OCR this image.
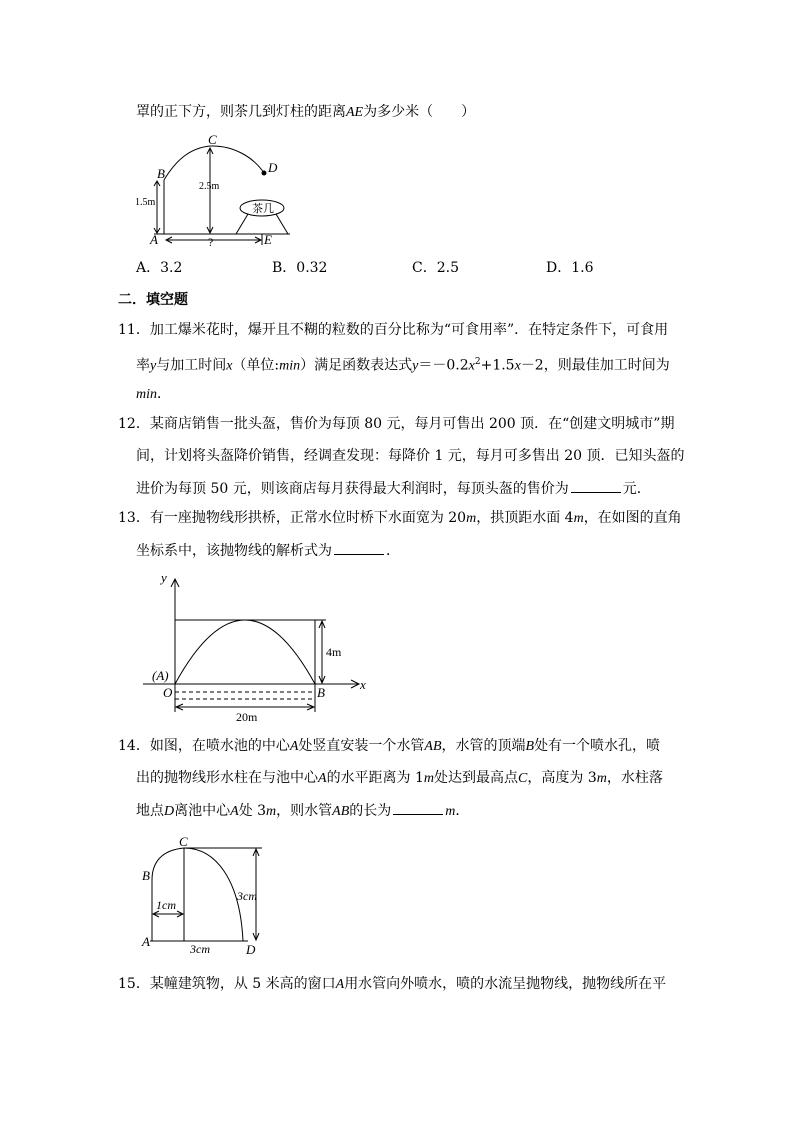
罩的正下方，则茶几到灯柱的距离AE为多少米（　　）
C
B	D
A	E
1.5m
2.5m
?
茶几
A．3.2	B．0.32	C．2.5	D．1.6
二．填空题
11．加工爆米花时，爆开且不糊的粒数的百分比称为“可食用率”．在特定条件下，可食用
率y与加工时间x（单位:min）满足函数表达式$y=-0.2x^2+1.5x-2$，则最佳加工时间为
min．
12．某商店销售一批头盔，售价为每顶 80 元，每月可售出 200 顶．在“创建文明城市”期
间，计划将头盔降价销售，经调查发现：每降价 1 元，每月可多售出 20 顶．已知头盔的
进价为每顶 50 元，则该商店每月获得最大利润时，每顶头盔的售价为	元．
13．有一座抛物线形拱桥，正常水位时桥下水面宽为 20m，拱顶距水面 4m，在如图的直角
坐标系中，该抛物线的解析式为	．
y
x
(A)
O	B
4m
20m
14．如图，在喷水池的中心A处竖直安装一个水管AB，水管的顶端B处有一个喷水孔，喷
出的抛物线形水柱在与池中心A的水平距离为 1m处达到最高点C，高度为 3m，水柱落
地点D离池中心A处 3m，则水管AB的长为	m．
C
B
A
D
3cm
1cm
3cm
15．某幢建筑物，从 5 米高的窗口A用水管向外喷水，喷的水流呈抛物线，抛物线所在平
